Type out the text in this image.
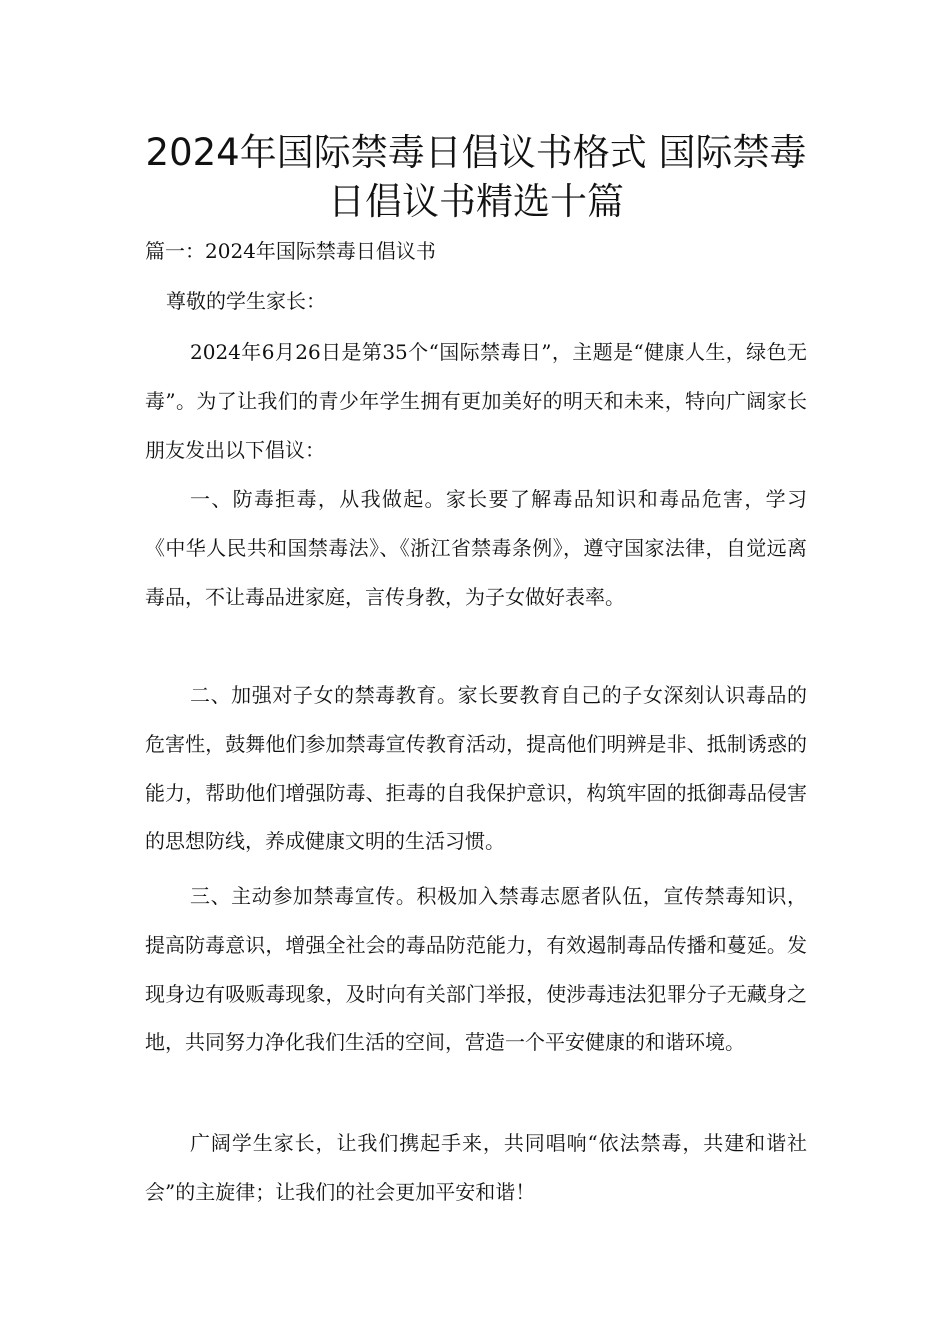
2024年国际禁毒日倡议书格式 国际禁毒日倡议书精选十篇

篇一：2024年国际禁毒日倡议书

尊敬的学生家长：

2024年6月26日是第35个“国际禁毒日”，主题是“健康人生，绿色无毒”。为了让我们的青少年学生拥有更加美好的明天和未来，特向广阔家长朋友发出以下倡议：

一、防毒拒毒，从我做起。家长要了解毒品知识和毒品危害，学习《中华人民共和国禁毒法》、《浙江省禁毒条例》，遵守国家法律，自觉远离毒品，不让毒品进家庭，言传身教，为子女做好表率。

二、加强对子女的禁毒教育。家长要教育自己的子女深刻认识毒品的危害性，鼓舞他们参加禁毒宣传教育活动，提高他们明辨是非、抵制诱惑的能力，帮助他们增强防毒、拒毒的自我保护意识，构筑牢固的抵御毒品侵害的思想防线，养成健康文明的生活习惯。

三、主动参加禁毒宣传。积极加入禁毒志愿者队伍，宣传禁毒知识，提高防毒意识，增强全社会的毒品防范能力，有效遏制毒品传播和蔓延。发现身边有吸贩毒现象，及时向有关部门举报，使涉毒违法犯罪分子无藏身之地，共同努力净化我们生活的空间，营造一个平安健康的和谐环境。

广阔学生家长，让我们携起手来，共同唱响“依法禁毒，共建和谐社会”的主旋律；让我们的社会更加平安和谐！
